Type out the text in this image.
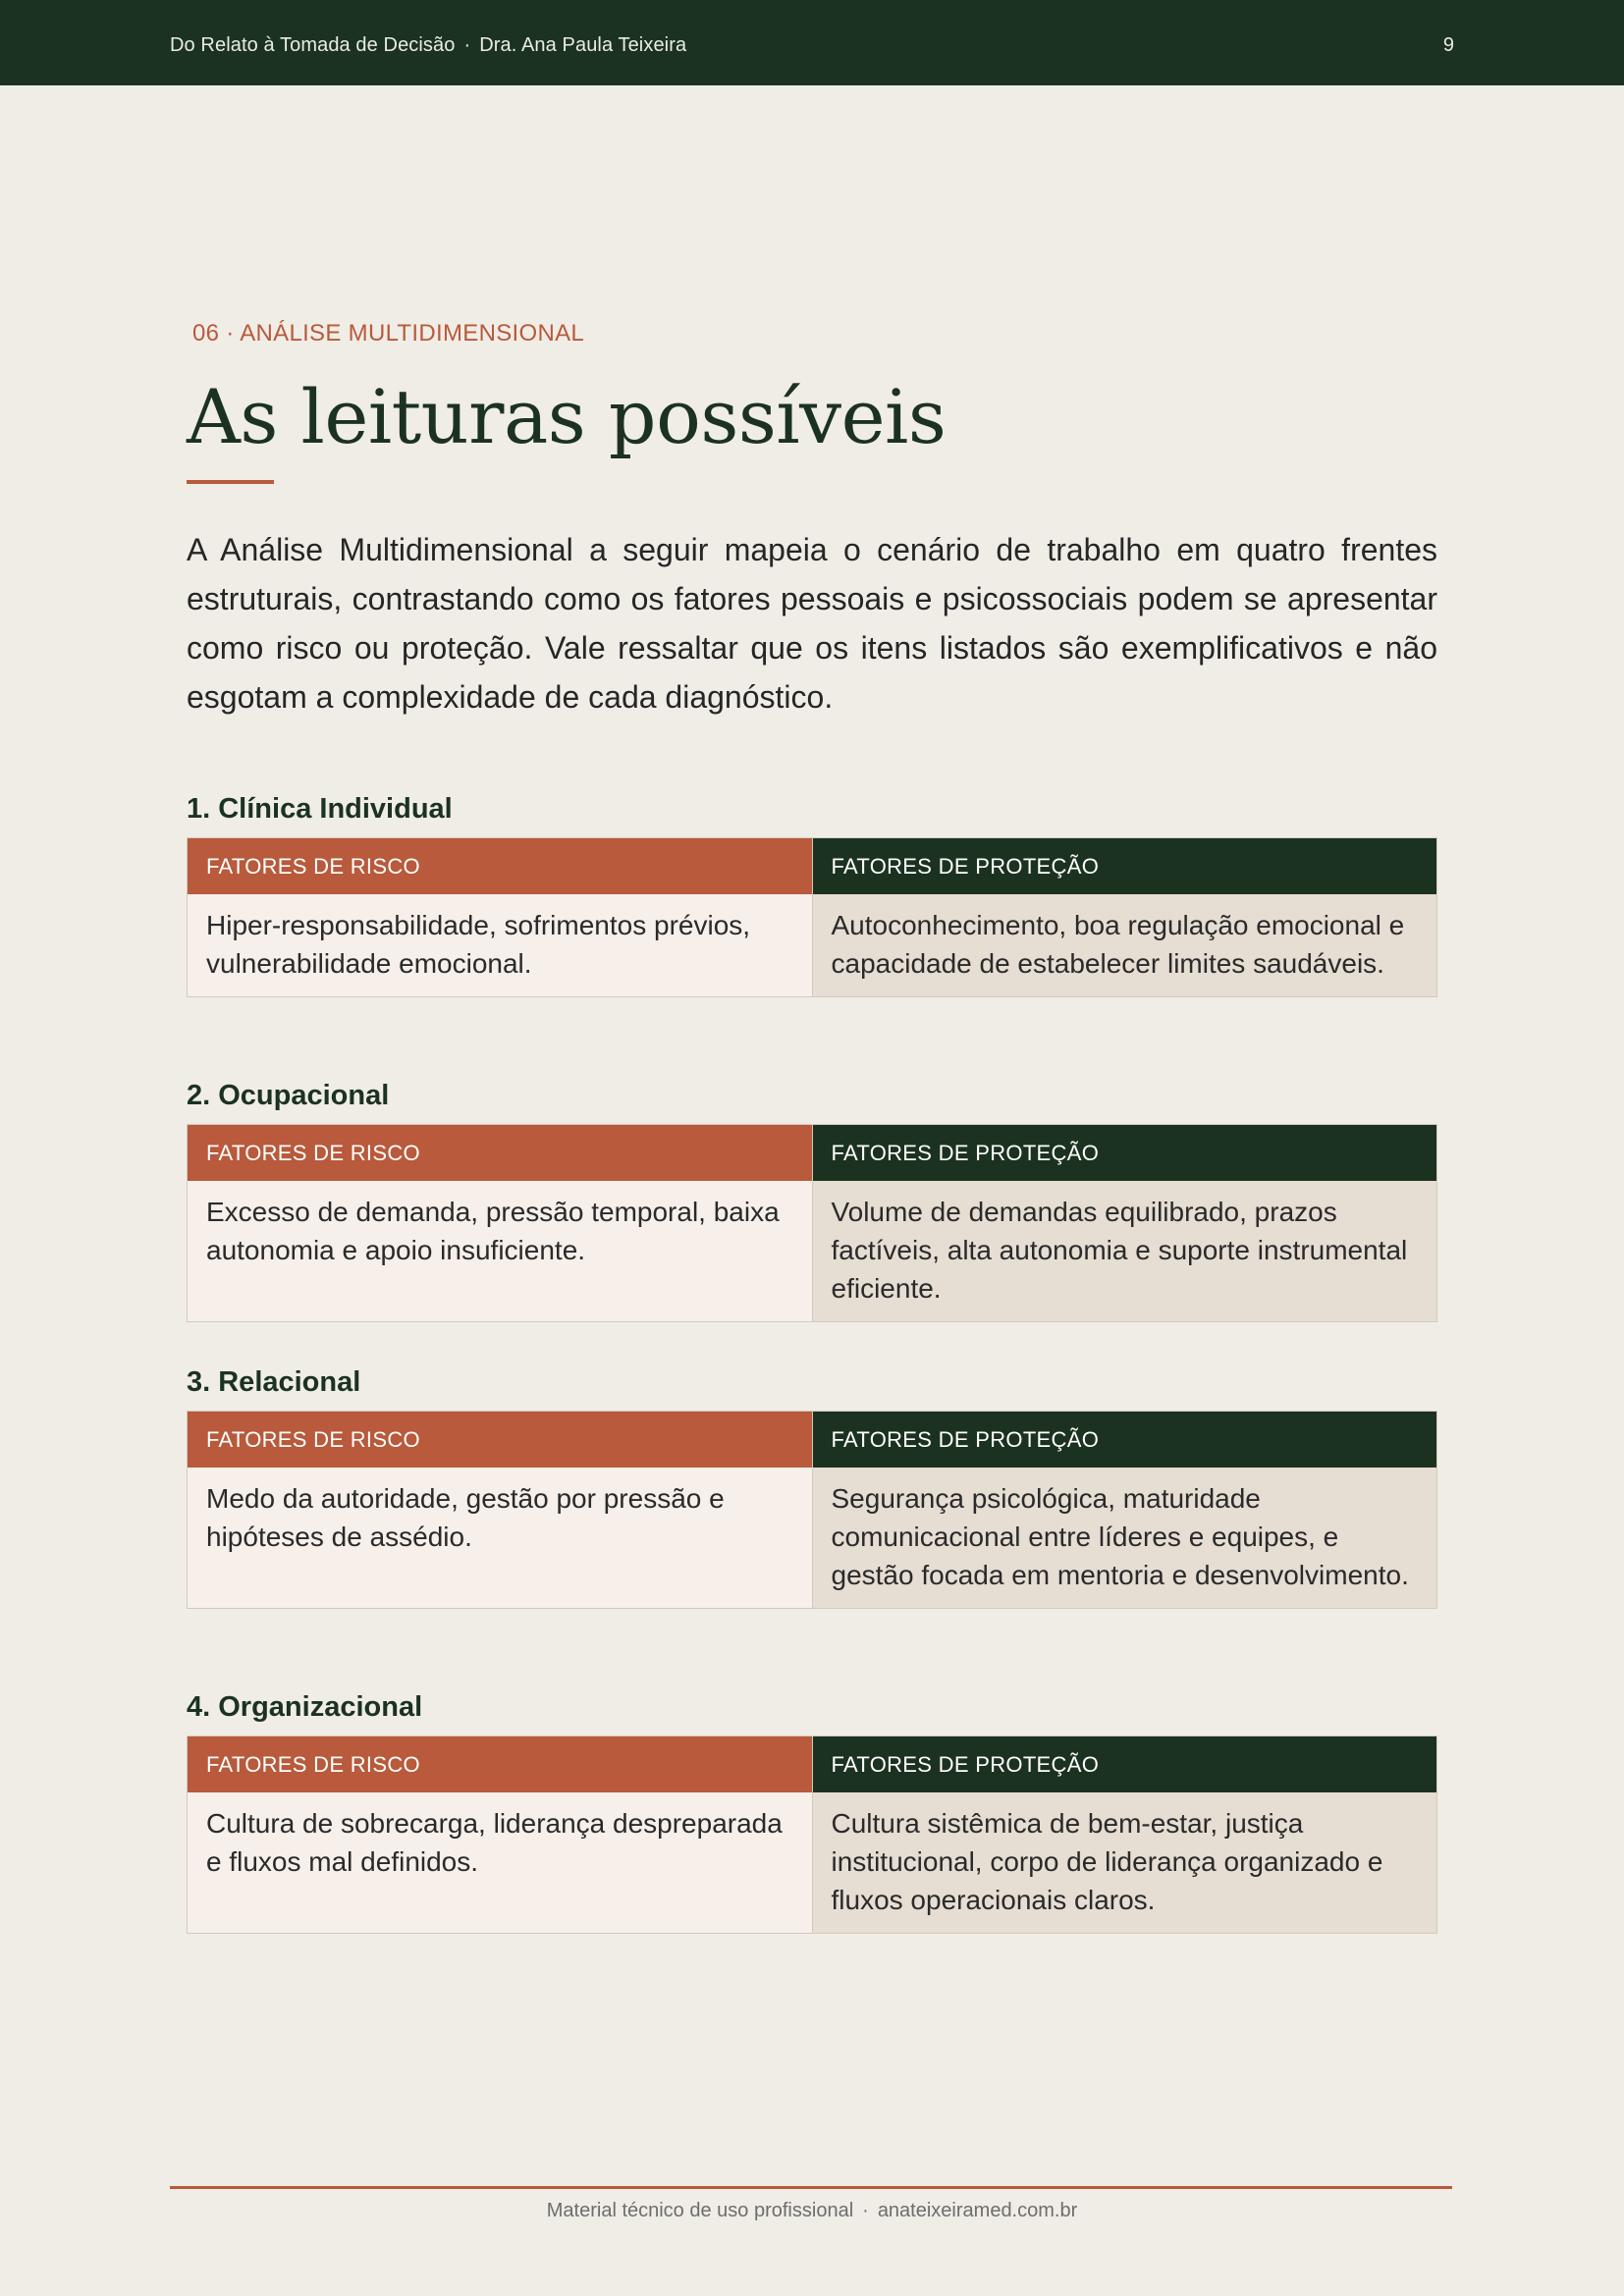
Do Relato à Tomada de Decisão · Dra. Ana Paula Teixeira	9
06 · ANÁLISE MULTIDIMENSIONAL
As leituras possíveis

A Análise Multidimensional a seguir mapeia o cenário de trabalho em quatro frentes estruturais, contrastando como os fatores pessoais e psicossociais podem se apresentar como risco ou proteção. Vale ressaltar que os itens listados são exemplificativos e não esgotam a complexidade de cada diagnóstico.

1. Clínica Individual
FATORES DE RISCO
Hiper-responsabilidade, sofrimentos prévios, vulnerabilidade emocional.
FATORES DE PROTEÇÃO
Autoconhecimento, boa regulação emocional e capacidade de estabelecer limites saudáveis.
2. Ocupacional
FATORES DE RISCO
Excesso de demanda, pressão temporal, baixa autonomia e apoio insuficiente.
FATORES DE PROTEÇÃO
Volume de demandas equilibrado, prazos factíveis, alta autonomia e suporte instrumental eficiente.
3. Relacional
FATORES DE RISCO
Medo da autoridade, gestão por pressão e hipóteses de assédio.
FATORES DE PROTEÇÃO
Segurança psicológica, maturidade comunicacional entre líderes e equipes, e gestão focada em mentoria e desenvolvimento.
4. Organizacional
FATORES DE RISCO
Cultura de sobrecarga, liderança despreparada e fluxos mal definidos.
FATORES DE PROTEÇÃO
Cultura sistêmica de bem-estar, justiça institucional, corpo de liderança organizado e fluxos operacionais claros.
Material técnico de uso profissional · anateixeiramed.com.br
